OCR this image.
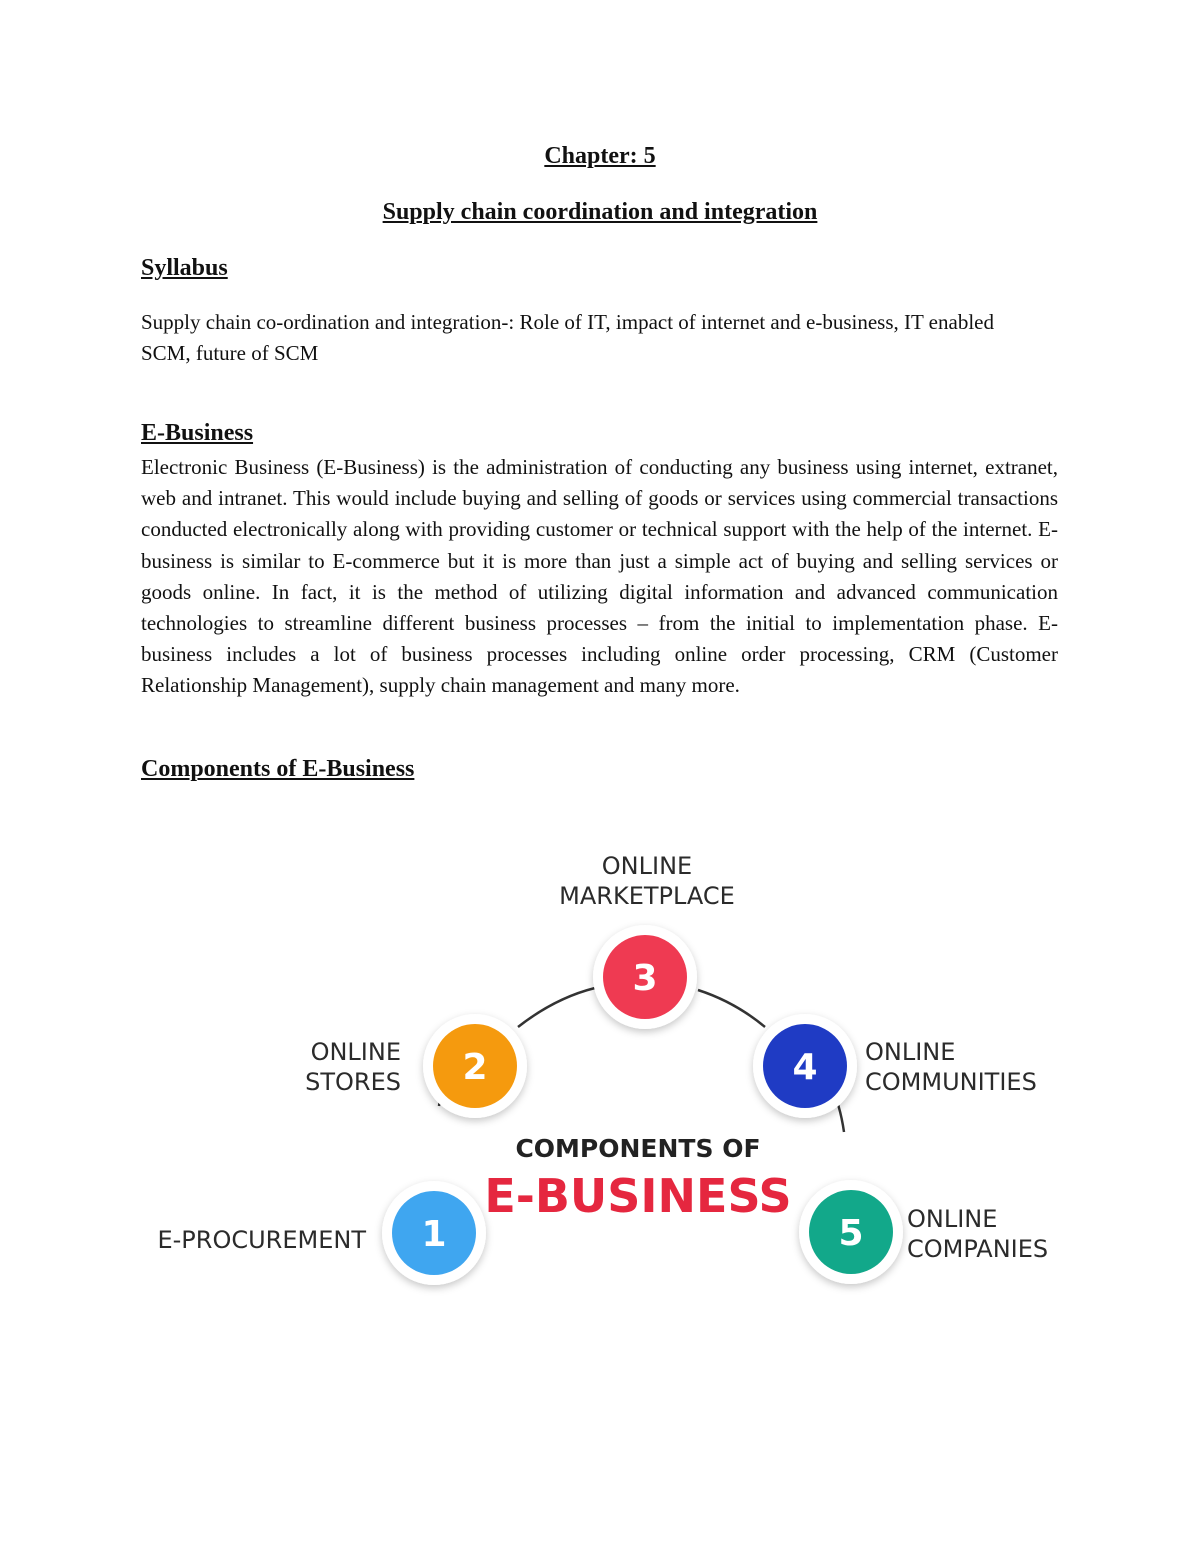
Chapter: 5
Supply chain coordination and integration
Syllabus
Supply chain co-ordination and integration-: Role of IT, impact of internet and e-business, IT enabled SCM, future of SCM
E-Business
Electronic Business (E-Business) is the administration of conducting any business using internet, extranet, web and intranet. This would include buying and selling of goods or services using commercial transactions conducted electronically along with providing customer or technical support with the help of the internet. E-business is similar to E-commerce but it is more than just a simple act of buying and selling services or goods online. In fact, it is the method of utilizing digital information and advanced communication technologies to streamline different business processes – from the initial to implementation phase. E-business includes a lot of business processes including online order processing, CRM (Customer Relationship Management), supply chain management and many more.
Components of E-Business
1
2
3
4
5
E-PROCUREMENT
ONLINE STORES
ONLINE MARKETPLACE
ONLINE COMMUNITIES
ONLINE COMPANIES
COMPONENTS OF
E-BUSINESS
